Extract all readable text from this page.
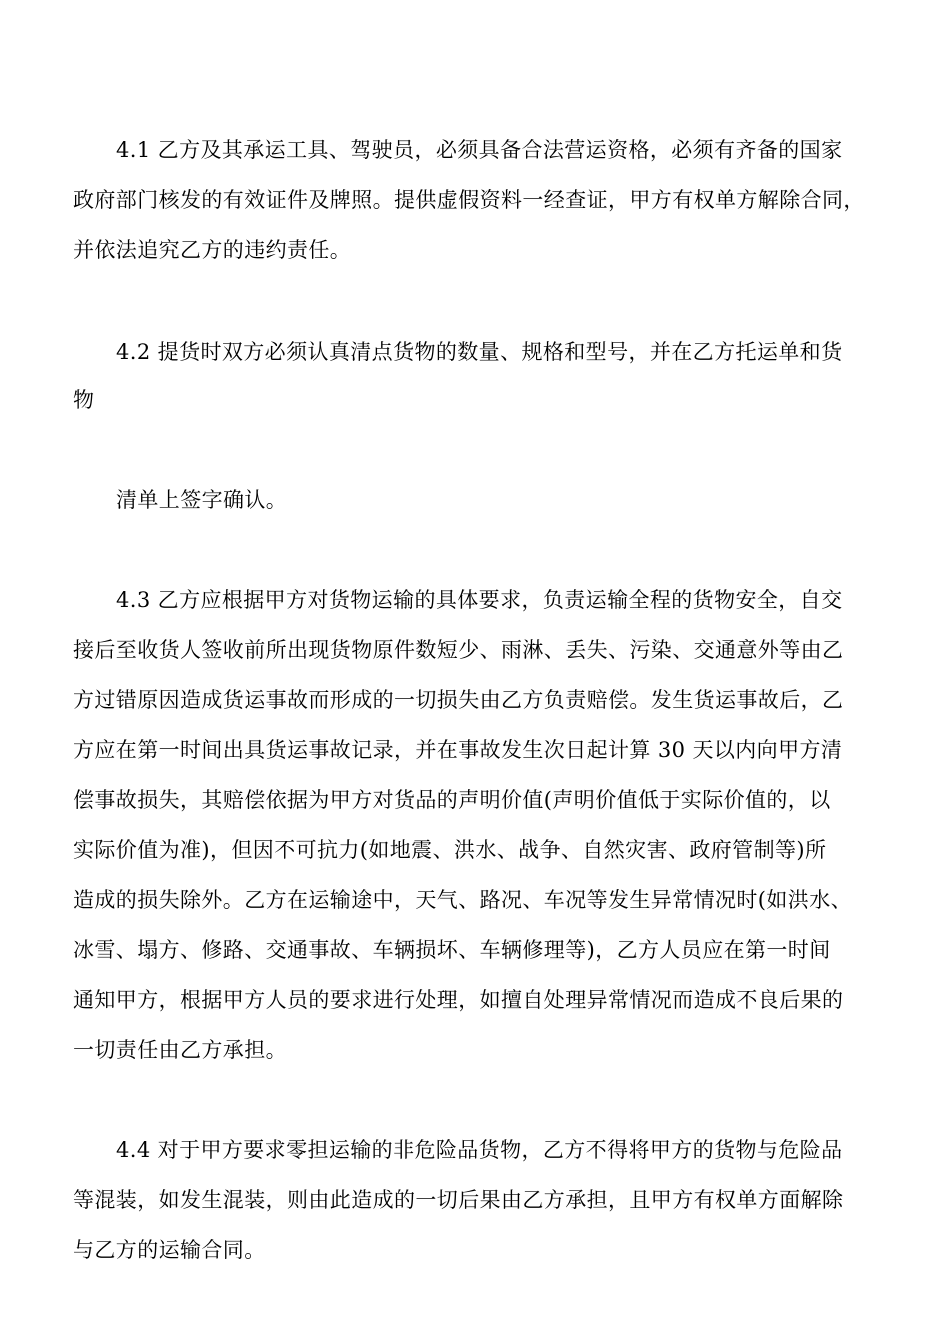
4.1 乙方及其承运工具、驾驶员，必须具备合法营运资格，必须有齐备的国家
政府部门核发的有效证件及牌照。提供虚假资料一经查证，甲方有权单方解除合同，
并依法追究乙方的违约责任。
4.2 提货时双方必须认真清点货物的数量、规格和型号，并在乙方托运单和货
物
清单上签字确认。
4.3 乙方应根据甲方对货物运输的具体要求，负责运输全程的货物安全，自交
接后至收货人签收前所出现货物原件数短少、雨淋、丢失、污染、交通意外等由乙
方过错原因造成货运事故而形成的一切损失由乙方负责赔偿。发生货运事故后，乙
方应在第一时间出具货运事故记录，并在事故发生次日起计算 30 天以内向甲方清
偿事故损失，其赔偿依据为甲方对货品的声明价值(声明价值低于实际价值的，以
实际价值为准)，但因不可抗力(如地震、洪水、战争、自然灾害、政府管制等)所
造成的损失除外。乙方在运输途中，天气、路况、车况等发生异常情况时(如洪水、
冰雪、塌方、修路、交通事故、车辆损坏、车辆修理等)，乙方人员应在第一时间
通知甲方，根据甲方人员的要求进行处理，如擅自处理异常情况而造成不良后果的
一切责任由乙方承担。
4.4 对于甲方要求零担运输的非危险品货物，乙方不得将甲方的货物与危险品
等混装，如发生混装，则由此造成的一切后果由乙方承担，且甲方有权单方面解除
与乙方的运输合同。
